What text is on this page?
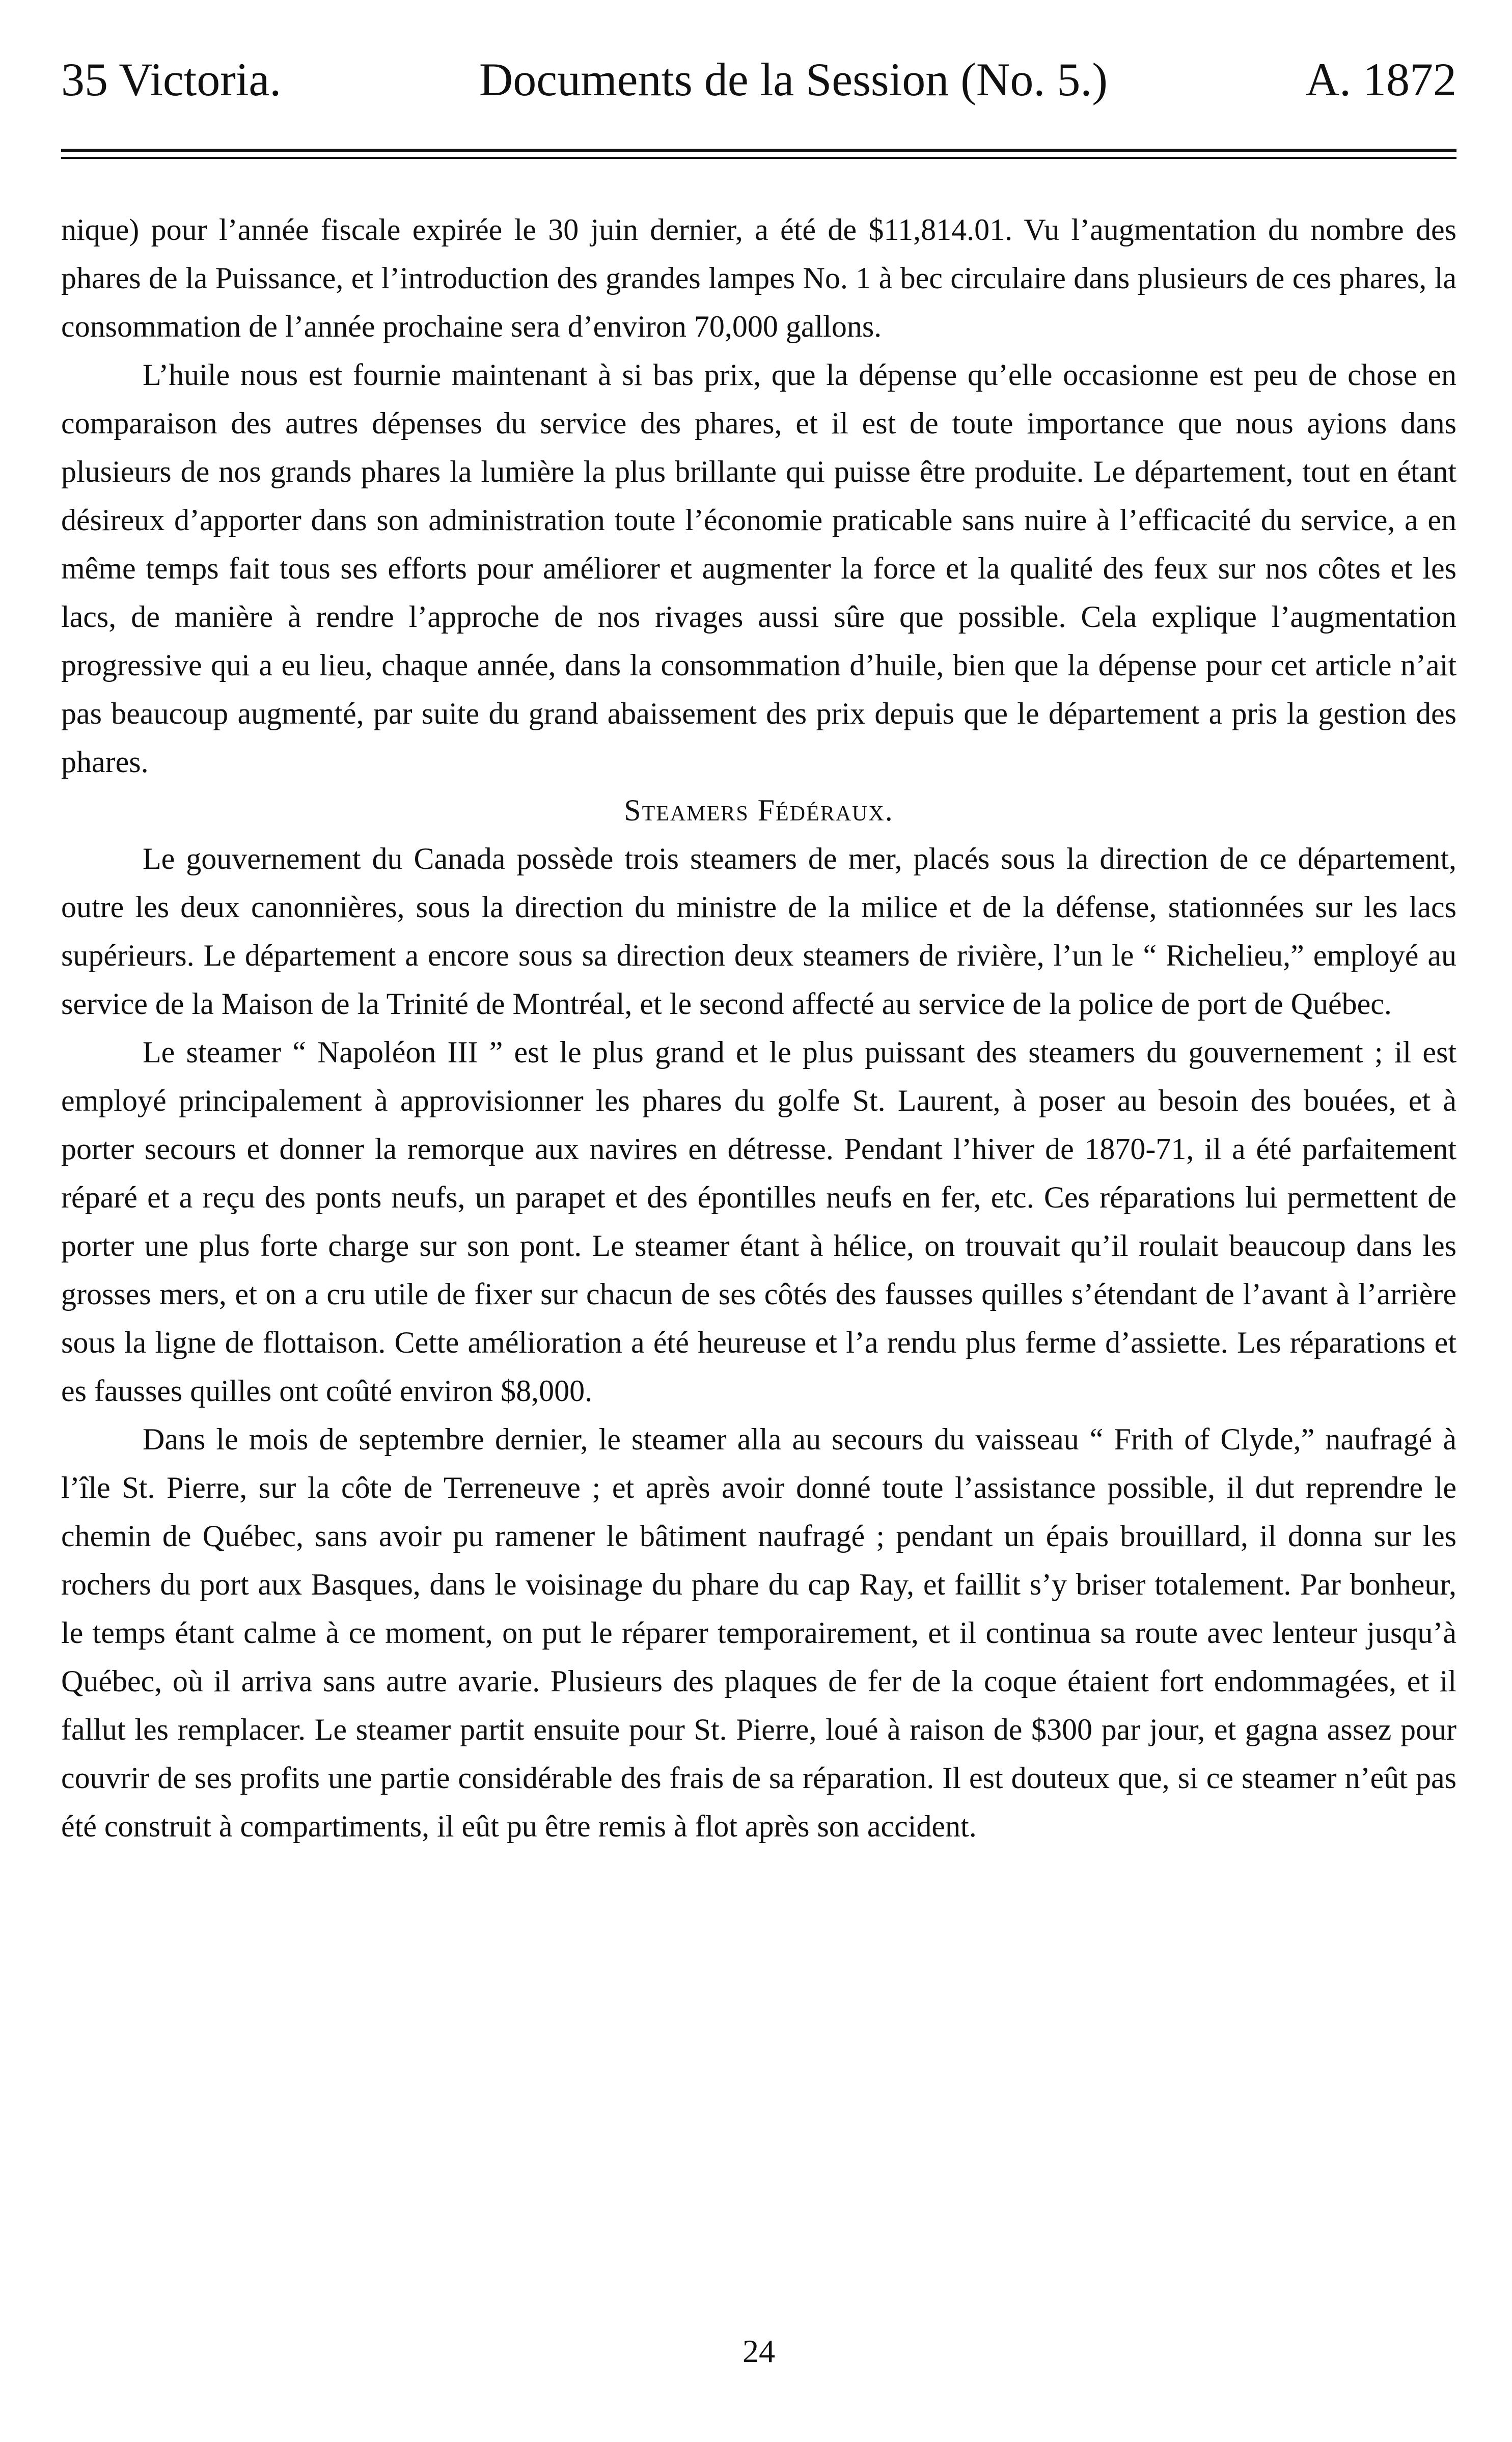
35 Victoria.	Documents de la Session (No. 5.)	A. 1872

nique) pour l’année fiscale expirée le 30 juin dernier, a été de $11,814.01. Vu l’augmentation du nombre des phares de la Puissance, et l’introduction des grandes lampes No. 1 à bec circulaire dans plusieurs de ces phares, la consommation de l’année prochaine sera d’environ 70,000 gallons.

L’huile nous est fournie maintenant à si bas prix, que la dépense qu’elle occasionne est peu de chose en comparaison des autres dépenses du service des phares, et il est de toute importance que nous ayions dans plusieurs de nos grands phares la lumière la plus brillante qui puisse être produite. Le département, tout en étant désireux d’apporter dans son administration toute l’économie praticable sans nuire à l’efficacité du service, a en même temps fait tous ses efforts pour améliorer et augmenter la force et la qualité des feux sur nos côtes et les lacs, de manière à rendre l’approche de nos rivages aussi sûre que possible. Cela explique l’augmentation progressive qui a eu lieu, chaque année, dans la consommation d’huile, bien que la dépense pour cet article n’ait pas beaucoup augmenté, par suite du grand abaissement des prix depuis que le département a pris la gestion des phares.

Steamers Fédéraux.

Le gouvernement du Canada possède trois steamers de mer, placés sous la direction de ce département, outre les deux canonnières, sous la direction du ministre de la milice et de la défense, stationnées sur les lacs supérieurs. Le département a encore sous sa direction deux steamers de rivière, l’un le “ Richelieu,” employé au service de la Maison de la Trinité de Montréal, et le second affecté au service de la police de port de Québec.

Le steamer “ Napoléon III ” est le plus grand et le plus puissant des steamers du gouvernement ; il est employé principalement à approvisionner les phares du golfe St. Laurent, à poser au besoin des bouées, et à porter secours et donner la remorque aux navires en détresse. Pendant l’hiver de 1870-71, il a été parfaitement réparé et a reçu des ponts neufs, un parapet et des épontilles neufs en fer, etc. Ces réparations lui permettent de porter une plus forte charge sur son pont. Le steamer étant à hélice, on trouvait qu’il roulait beaucoup dans les grosses mers, et on a cru utile de fixer sur chacun de ses côtés des fausses quilles s’étendant de l’avant à l’arrière sous la ligne de flottaison. Cette amélioration a été heureuse et l’a rendu plus ferme d’assiette. Les réparations et es fausses quilles ont coûté environ $8,000.

Dans le mois de septembre dernier, le steamer alla au secours du vaisseau “ Frith of Clyde,” naufragé à l’île St. Pierre, sur la côte de Terreneuve ; et après avoir donné toute l’assistance possible, il dut reprendre le chemin de Québec, sans avoir pu ramener le bâtiment naufragé ; pendant un épais brouillard, il donna sur les rochers du port aux Basques, dans le voisinage du phare du cap Ray, et faillit s’y briser totalement. Par bonheur, le temps étant calme à ce moment, on put le réparer temporairement, et il continua sa route avec lenteur jusqu’à Québec, où il arriva sans autre avarie. Plusieurs des plaques de fer de la coque étaient fort endommagées, et il fallut les remplacer. Le steamer partit ensuite pour St. Pierre, loué à raison de $300 par jour, et gagna assez pour couvrir de ses profits une partie considérable des frais de sa réparation. Il est douteux que, si ce steamer n’eût pas été construit à compartiments, il eût pu être remis à flot après son accident.

24
